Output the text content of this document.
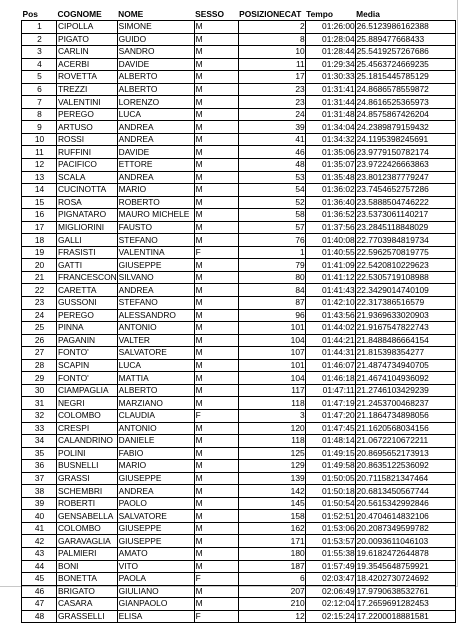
Pos	COGNOME	NOME	SESSO	POSIZIONECAT	Tempo	Media
1	CIPOLLA	SIMONE	M	2	01:26:00	26.5123986162388
2	PIGATO	GUIDO	M	8	01:28:04	25.889477668433
3	CARLIN	SANDRO	M	10	01:28:44	25.5419257267686
4	ACERBI	DAVIDE	M	11	01:29:34	25.4563724669235
5	ROVETTA	ALBERTO	M	17	01:30:33	25.1815445785129
6	TREZZI	ALBERTO	M	23	01:31:41	24.8686578559872
7	VALENTINI	LORENZO	M	23	01:31:44	24.8616525365973
8	PEREGO	LUCA	M	24	01:31:48	24.8575867426204
9	ARTUSO	ANDREA	M	39	01:34:04	24.2389879159432
10	ROSSI	ANDREA	M	41	01:34:32	24.1195398245691
11	RUFFINI	DAVIDE	M	46	01:35:06	23.9779150782174
12	PACIFICO	ETTORE	M	48	01:35:07	23.9722426663863
13	SCALA	ANDREA	M	53	01:35:48	23.8012387779247
14	CUCINOTTA	MARIO	M	54	01:36:02	23.7454652757286
15	ROSA	ROBERTO	M	52	01:36:40	23.5888504746222
16	PIGNATARO	MAURO MICHELE	M	58	01:36:52	23.5373061140217
17	MIGLIORINI	FAUSTO	M	57	01:37:56	23.2845118848029
18	GALLI	STEFANO	M	76	01:40:08	22.7703984819734
19	FRASISTI	VALENTINA	F	1	01:40:55	22.5962570819775
20	GATTI	GIUSEPPE	M	79	01:41:09	22.5420810229623
21	FRANCESCON	SILVANO	M	80	01:41:12	22.5305719108988
22	CARETTA	ANDREA	M	84	01:41:43	22.3429014740109
23	GUSSONI	STEFANO	M	87	01:42:10	22.317386516579
24	PEREGO	ALESSANDRO	M	96	01:43:56	21.9369633020903
25	PINNA	ANTONIO	M	101	01:44:02	21.9167547822743
26	PAGANIN	VALTER	M	104	01:44:21	21.8488486664154
27	FONTO'	SALVATORE	M	107	01:44:31	21.815398354277
28	SCAPIN	LUCA	M	101	01:46:07	21.4874734940705
29	FONTO'	MATTIA	M	104	01:46:18	21.4674104936092
30	CIAMPAGLIA	ALBERTO	M	117	01:47:11	21.2746103429239
31	NEGRI	MARZIANO	M	118	01:47:19	21.2453700468237
32	COLOMBO	CLAUDIA	F	3	01:47:20	21.1864734898056
33	CRESPI	ANTONIO	M	120	01:47:45	21.1620568034156
34	CALANDRINO	DANIELE	M	118	01:48:14	21.0672210672211
35	POLINI	FABIO	M	125	01:49:15	20.8695652173913
36	BUSNELLI	MARIO	M	129	01:49:58	20.8635122536092
37	GRASSI	GIUSEPPE	M	139	01:50:05	20.7115821347464
38	SCHEMBRI	ANDREA	M	142	01:50:18	20.6813450567744
39	ROBERTI	PAOLO	M	145	01:50:54	20.5615342992846
40	GENSABELLA	SALVATORE	M	158	01:52:51	20.4704614832106
41	COLOMBO	GIUSEPPE	M	162	01:53:06	20.2087349599782
42	GARAVAGLIA	GIUSEPPE	M	171	01:53:57	20.0093611046103
43	PALMIERI	AMATO	M	180	01:55:38	19.6182472644878
44	BONI	VITO	M	187	01:57:49	19.3545648759921
45	BONETTA	PAOLA	F	6	02:03:47	18.4202730724692
46	BRIGATO	GIULIANO	M	207	02:06:49	17.9790638532761
47	CASARA	GIANPAOLO	M	210	02:12:04	17.2659691282453
48	GRASSELLI	ELISA	F	12	02:15:24	17.2200018881581
